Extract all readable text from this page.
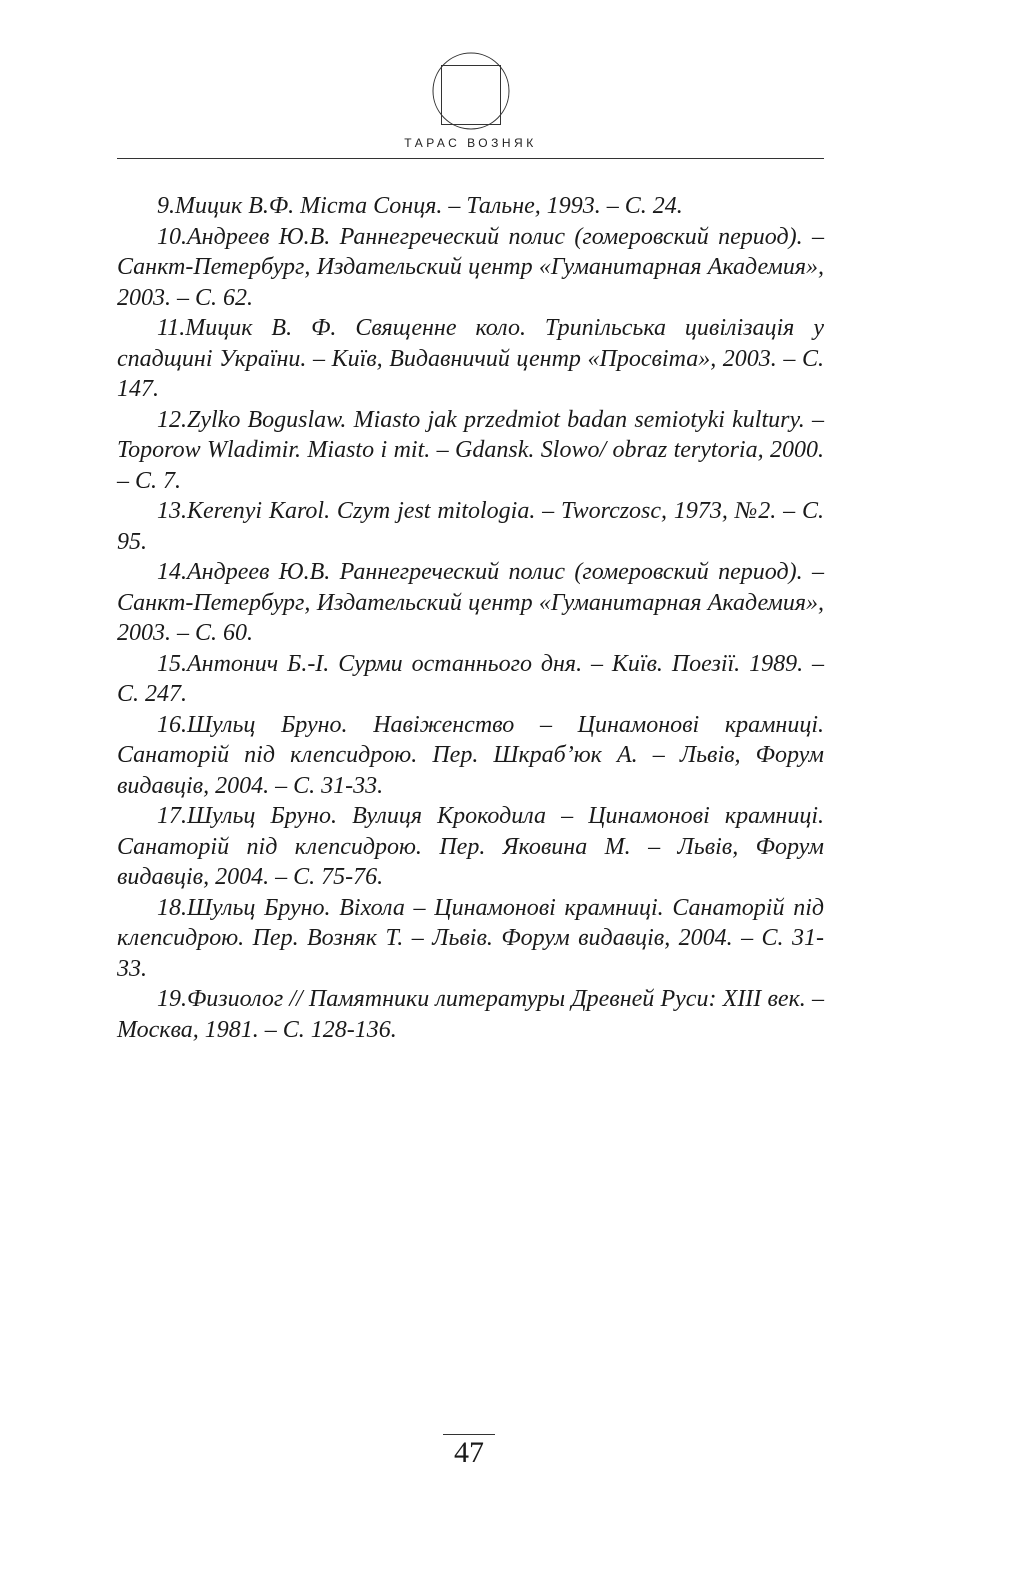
ТАРАС ВОЗНЯК
9.Мицик В.Ф. Міста Сонця. – Тальне, 1993. – С. 24.
10.Андреев Ю.В. Раннегреческий полис (гомеровский период). – Санкт-Петербург, Издательский центр «Гуманитарная Академия», 2003. – С. 62.
11.Мицик В. Ф. Священне коло. Трипільська цивілізація у спадщині України. – Київ, Видавничий центр «Просвіта», 2003. – С. 147.
12.Zylko Boguslaw. Miasto jak przedmiot badan semiotyki kultury. – Toporow Wladimir. Miasto i mit. – Gdansk. Slowo/ obraz terytoria, 2000. – С. 7.
13.Kerenyi Karol. Czym jest mitologia. – Tworczosc, 1973, №2. – С. 95.
14.Андреев Ю.В. Раннегреческий полис (гомеровский период). – Санкт-Петербург, Издательский центр «Гуманитарная Академия», 2003. – С. 60.
15.Антонич Б.-І. Сурми останнього дня. – Київ. Поезії. 1989. – С. 247.
16.Шульц Бруно. Навіженство – Цинамонові крамниці. Санаторій під клепсидрою. Пер. Шкраб’юк А. – Львів, Форум видавців, 2004. – С. 31-33.
17.Шульц Бруно. Вулиця Крокодила – Цинамонові крамниці. Санаторій під клепсидрою. Пер. Яковина М. – Львів, Форум видавців, 2004. – С. 75-76.
18.Шульц Бруно. Віхола – Цинамонові крамниці. Санаторій під клепсидрою. Пер. Возняк Т. – Львів. Форум видавців, 2004. – С. 31-33.
19.Физиолог // Памятники литературы Древней Руси: XIII век. – Москва, 1981. – С. 128-136.
47
